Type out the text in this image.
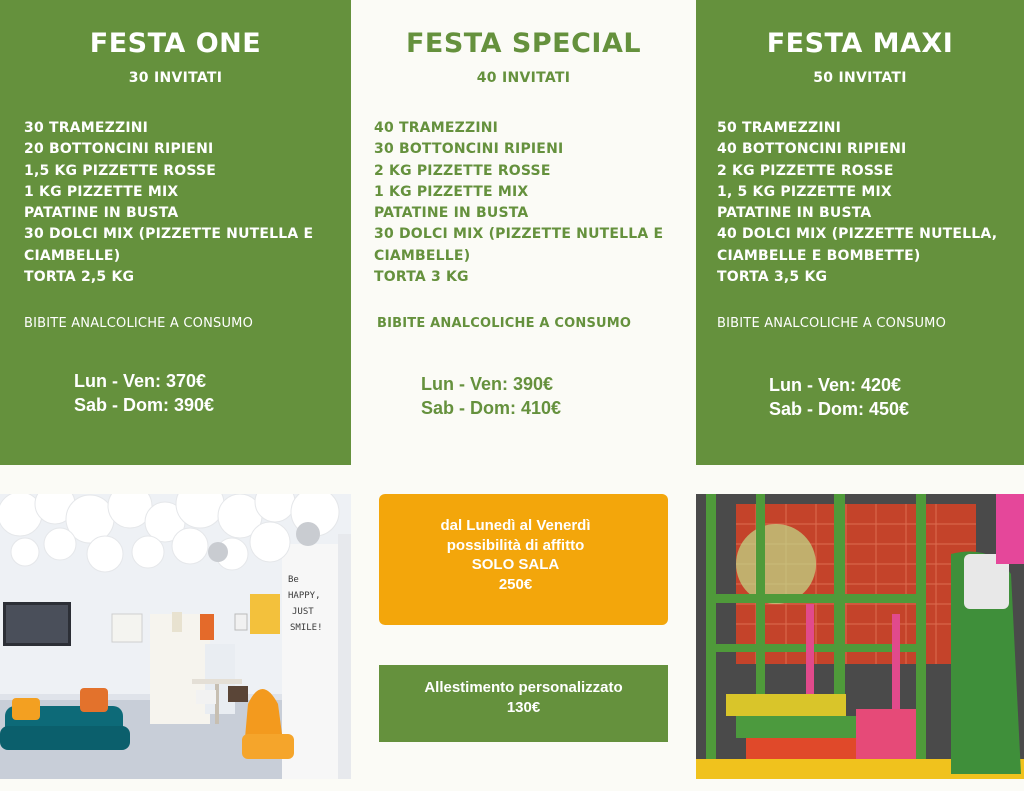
FESTA ONE
30 INVITATI
30 TRAMEZZINI
20 BOTTONCINI RIPIENI
1,5 KG PIZZETTE ROSSE
1 KG PIZZETTE MIX
PATATINE IN BUSTA
30 DOLCI MIX (PIZZETTE NUTELLA E CIAMBELLE)
TORTA 2,5 KG
BIBITE ANALCOLICHE A CONSUMO
Lun - Ven: 370€
Sab - Dom: 390€
FESTA SPECIAL
40 INVITATI
40 TRAMEZZINI
30 BOTTONCINI RIPIENI
2 KG PIZZETTE ROSSE
1 KG PIZZETTE MIX
PATATINE IN BUSTA
30 DOLCI MIX (PIZZETTE NUTELLA E CIAMBELLE)
TORTA 3 KG
BIBITE ANALCOLICHE A CONSUMO
Lun - Ven: 390€
Sab - Dom: 410€
FESTA MAXI
50 INVITATI
50 TRAMEZZINI
40 BOTTONCINI RIPIENI
2 KG PIZZETTE ROSSE
1, 5 KG PIZZETTE MIX
PATATINE IN BUSTA
40 DOLCI MIX (PIZZETTE NUTELLA, CIAMBELLE E BOMBETTE)
TORTA 3,5 KG
BIBITE ANALCOLICHE A CONSUMO
Lun - Ven: 420€
Sab - Dom: 450€
Be
HAPPY,
JUST
SMILE!
dal Lunedì al Venerdì
possibilità di affitto
SOLO SALA
250€
Allestimento personalizzato
130€
